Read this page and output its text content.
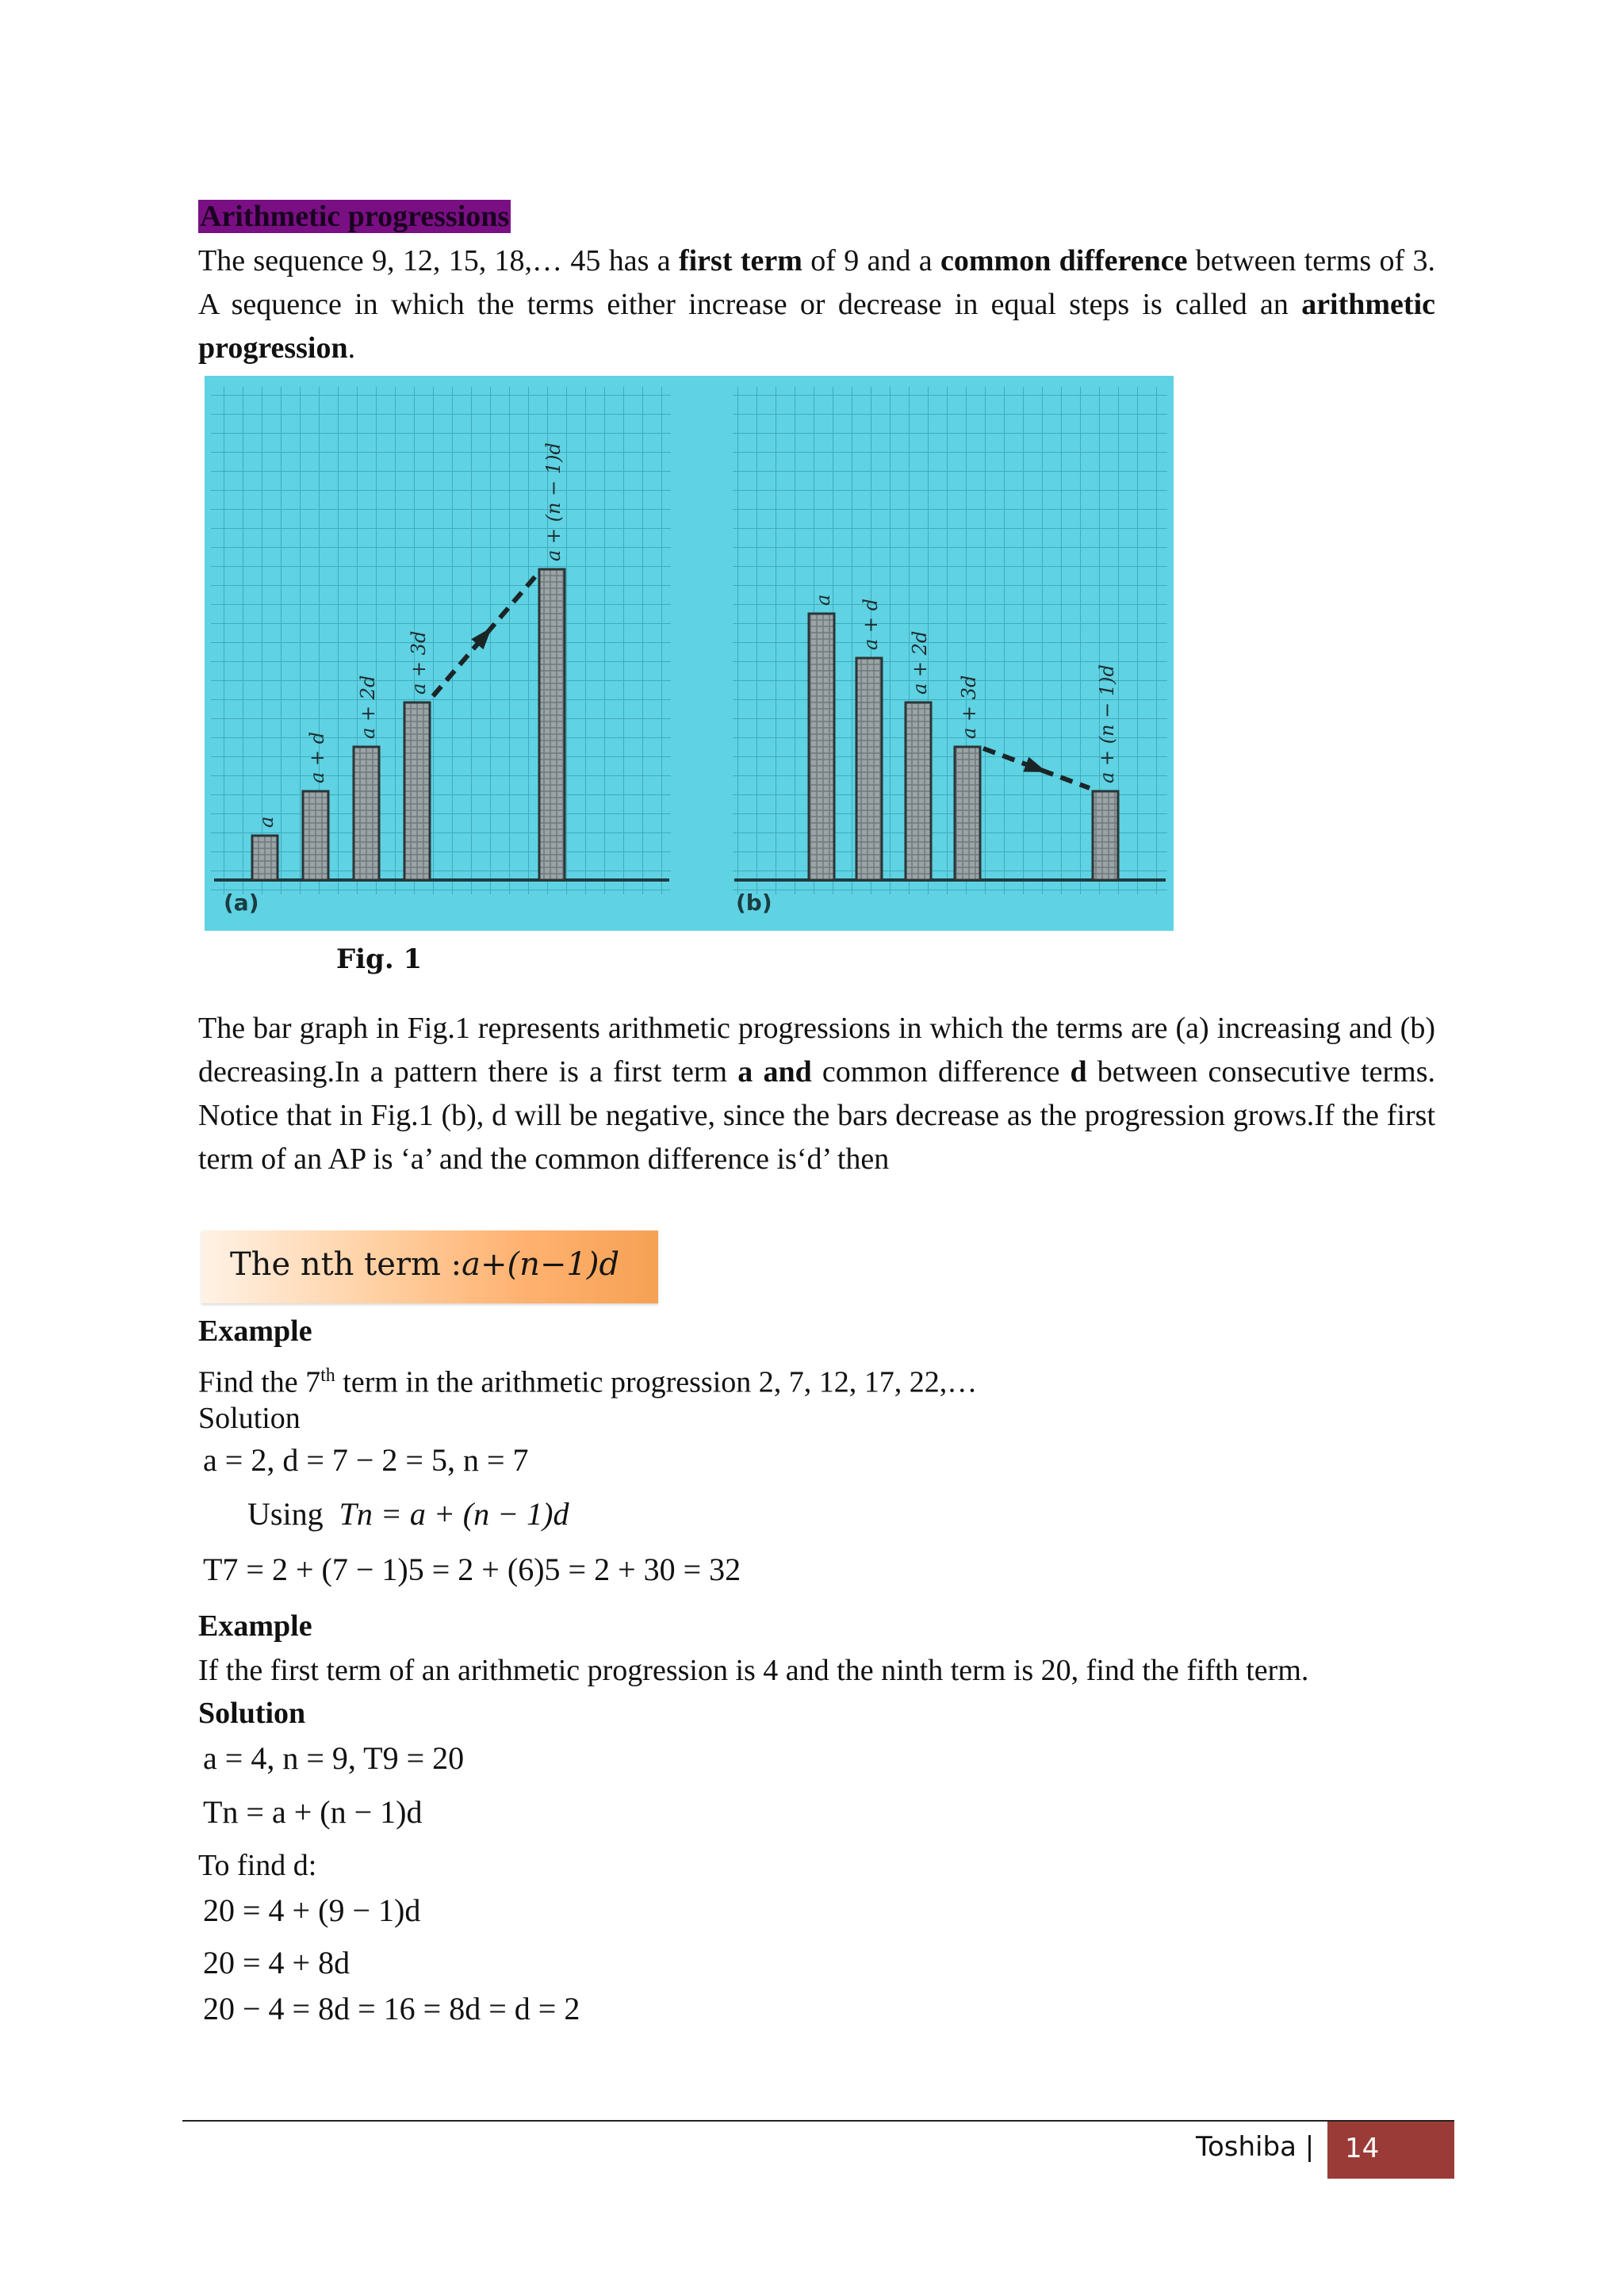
Arithmetic progressions
The sequence 9, 12, 15, 18,… 45 has a first term of 9 and a common difference between terms of 3. A sequence in which the terms either increase or decrease in equal steps is called an arithmetic progression.
a
a + d
a + 2d
a + 3d
a + (n − 1)d
a a + d
a + 2d
a + 3d	a + (n − 1)d
(a)	(b)
Fig. 1
The bar graph in Fig.1 represents arithmetic progressions in which the terms are (a) increasing and (b) decreasing.In a pattern there is a first term a and common difference d between consecutive terms. Notice that in Fig.1 (b), d will be negative, since the bars decrease as the progression grows.If the first term of an AP is ‘a’ and the common difference is‘d’ then
The nth term :a+(n−1)d
Example
Find the 7th term in the arithmetic progression 2, 7, 12, 17, 22,…
Solution
a = 2, d = 7 − 2 = 5, n = 7
Using Tn = a + (n − 1)d
T7 = 2 + (7 − 1)5 = 2 + (6)5 = 2 + 30 = 32
Example
If the first term of an arithmetic progression is 4 and the ninth term is 20, find the fifth term.
Solution
a = 4, n = 9, T9 = 20
Tn = a + (n − 1)d
To find d:
20 = 4 + (9 − 1)d
20 = 4 + 8d
20 − 4 = 8d = 16 = 8d = d = 2
Toshiba | 14
